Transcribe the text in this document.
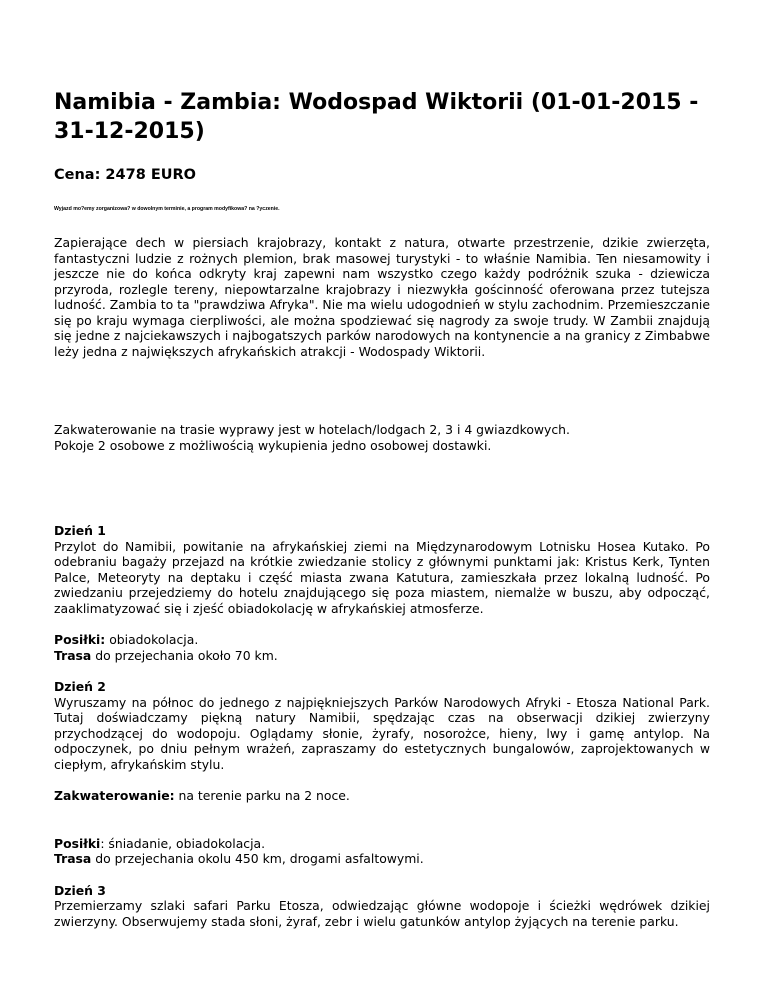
Namibia - Zambia: Wodospad Wiktorii (01-01-2015 - 31-12-2015)

Cena: 2478 EURO

Wyjazd mo?emy zorganizowa? w dowolnym terminie, a program modyfikowa? na ?yczenie.

Zapierające dech w piersiach krajobrazy, kontakt z natura, otwarte przestrzenie, dzikie zwierzęta, fantastyczni ludzie z rożnych plemion, brak masowej turystyki - to właśnie Namibia. Ten niesamowity i jeszcze nie do końca odkryty kraj zapewni nam wszystko czego każdy podróżnik szuka - dziewicza przyroda, rozlegle tereny, niepowtarzalne krajobrazy i niezwykła gościnność oferowana przez tutejsza ludność. Zambia to ta "prawdziwa Afryka". Nie ma wielu udogodnień w stylu zachodnim. Przemieszczanie się po kraju wymaga cierpliwości, ale można spodziewać się nagrody za swoje trudy. W Zambii znajdują się jedne z najciekawszych i najbogatszych parków narodowych na kontynencie a na granicy z Zimbabwe leży jedna z największych afrykańskich atrakcji - Wodospady Wiktorii.

Zakwaterowanie na trasie wyprawy jest w hotelach/lodgach 2, 3 i 4 gwiazdkowych.

Pokoje 2 osobowe z możliwością wykupienia jedno osobowej dostawki.

Dzień 1

Przylot do Namibii, powitanie na afrykańskiej ziemi na Międzynarodowym Lotnisku Hosea Kutako. Po odebraniu bagaży przejazd na krótkie zwiedzanie stolicy z głównymi punktami jak: Kristus Kerk, Tynten Palce, Meteoryty na deptaku i część miasta zwana Katutura, zamieszkała przez lokalną ludność. Po zwiedzaniu przejedziemy do hotelu znajdującego się poza miastem, niemalże w buszu, aby odpocząć, zaaklimatyzować się i zjeść obiadokolację w afrykańskiej atmosferze.

Posiłki: obiadokolacja.

Trasa do przejechania około 70 km.

Dzień 2

Wyruszamy na północ do jednego z najpiękniejszych Parków Narodowych Afryki - Etosza National Park. Tutaj doświadczamy piękną natury Namibii, spędzając czas na obserwacji dzikiej zwierzyny przychodzącej do wodopoju. Oglądamy słonie, żyrafy, nosorożce, hieny, lwy i gamę antylop. Na odpoczynek, po dniu pełnym wrażeń, zapraszamy do estetycznych bungalowów, zaprojektowanych w ciepłym, afrykańskim stylu.

Zakwaterowanie: na terenie parku na 2 noce.

Posiłki: śniadanie, obiadokolacja.

Trasa do przejechania okolu 450 km, drogami asfaltowymi.

Dzień 3

Przemierzamy szlaki safari Parku Etosza, odwiedzając główne wodopoje i ścieżki wędrówek dzikiej zwierzyny. Obserwujemy stada słoni, żyraf, zebr i wielu gatunków antylop żyjących na terenie parku.
